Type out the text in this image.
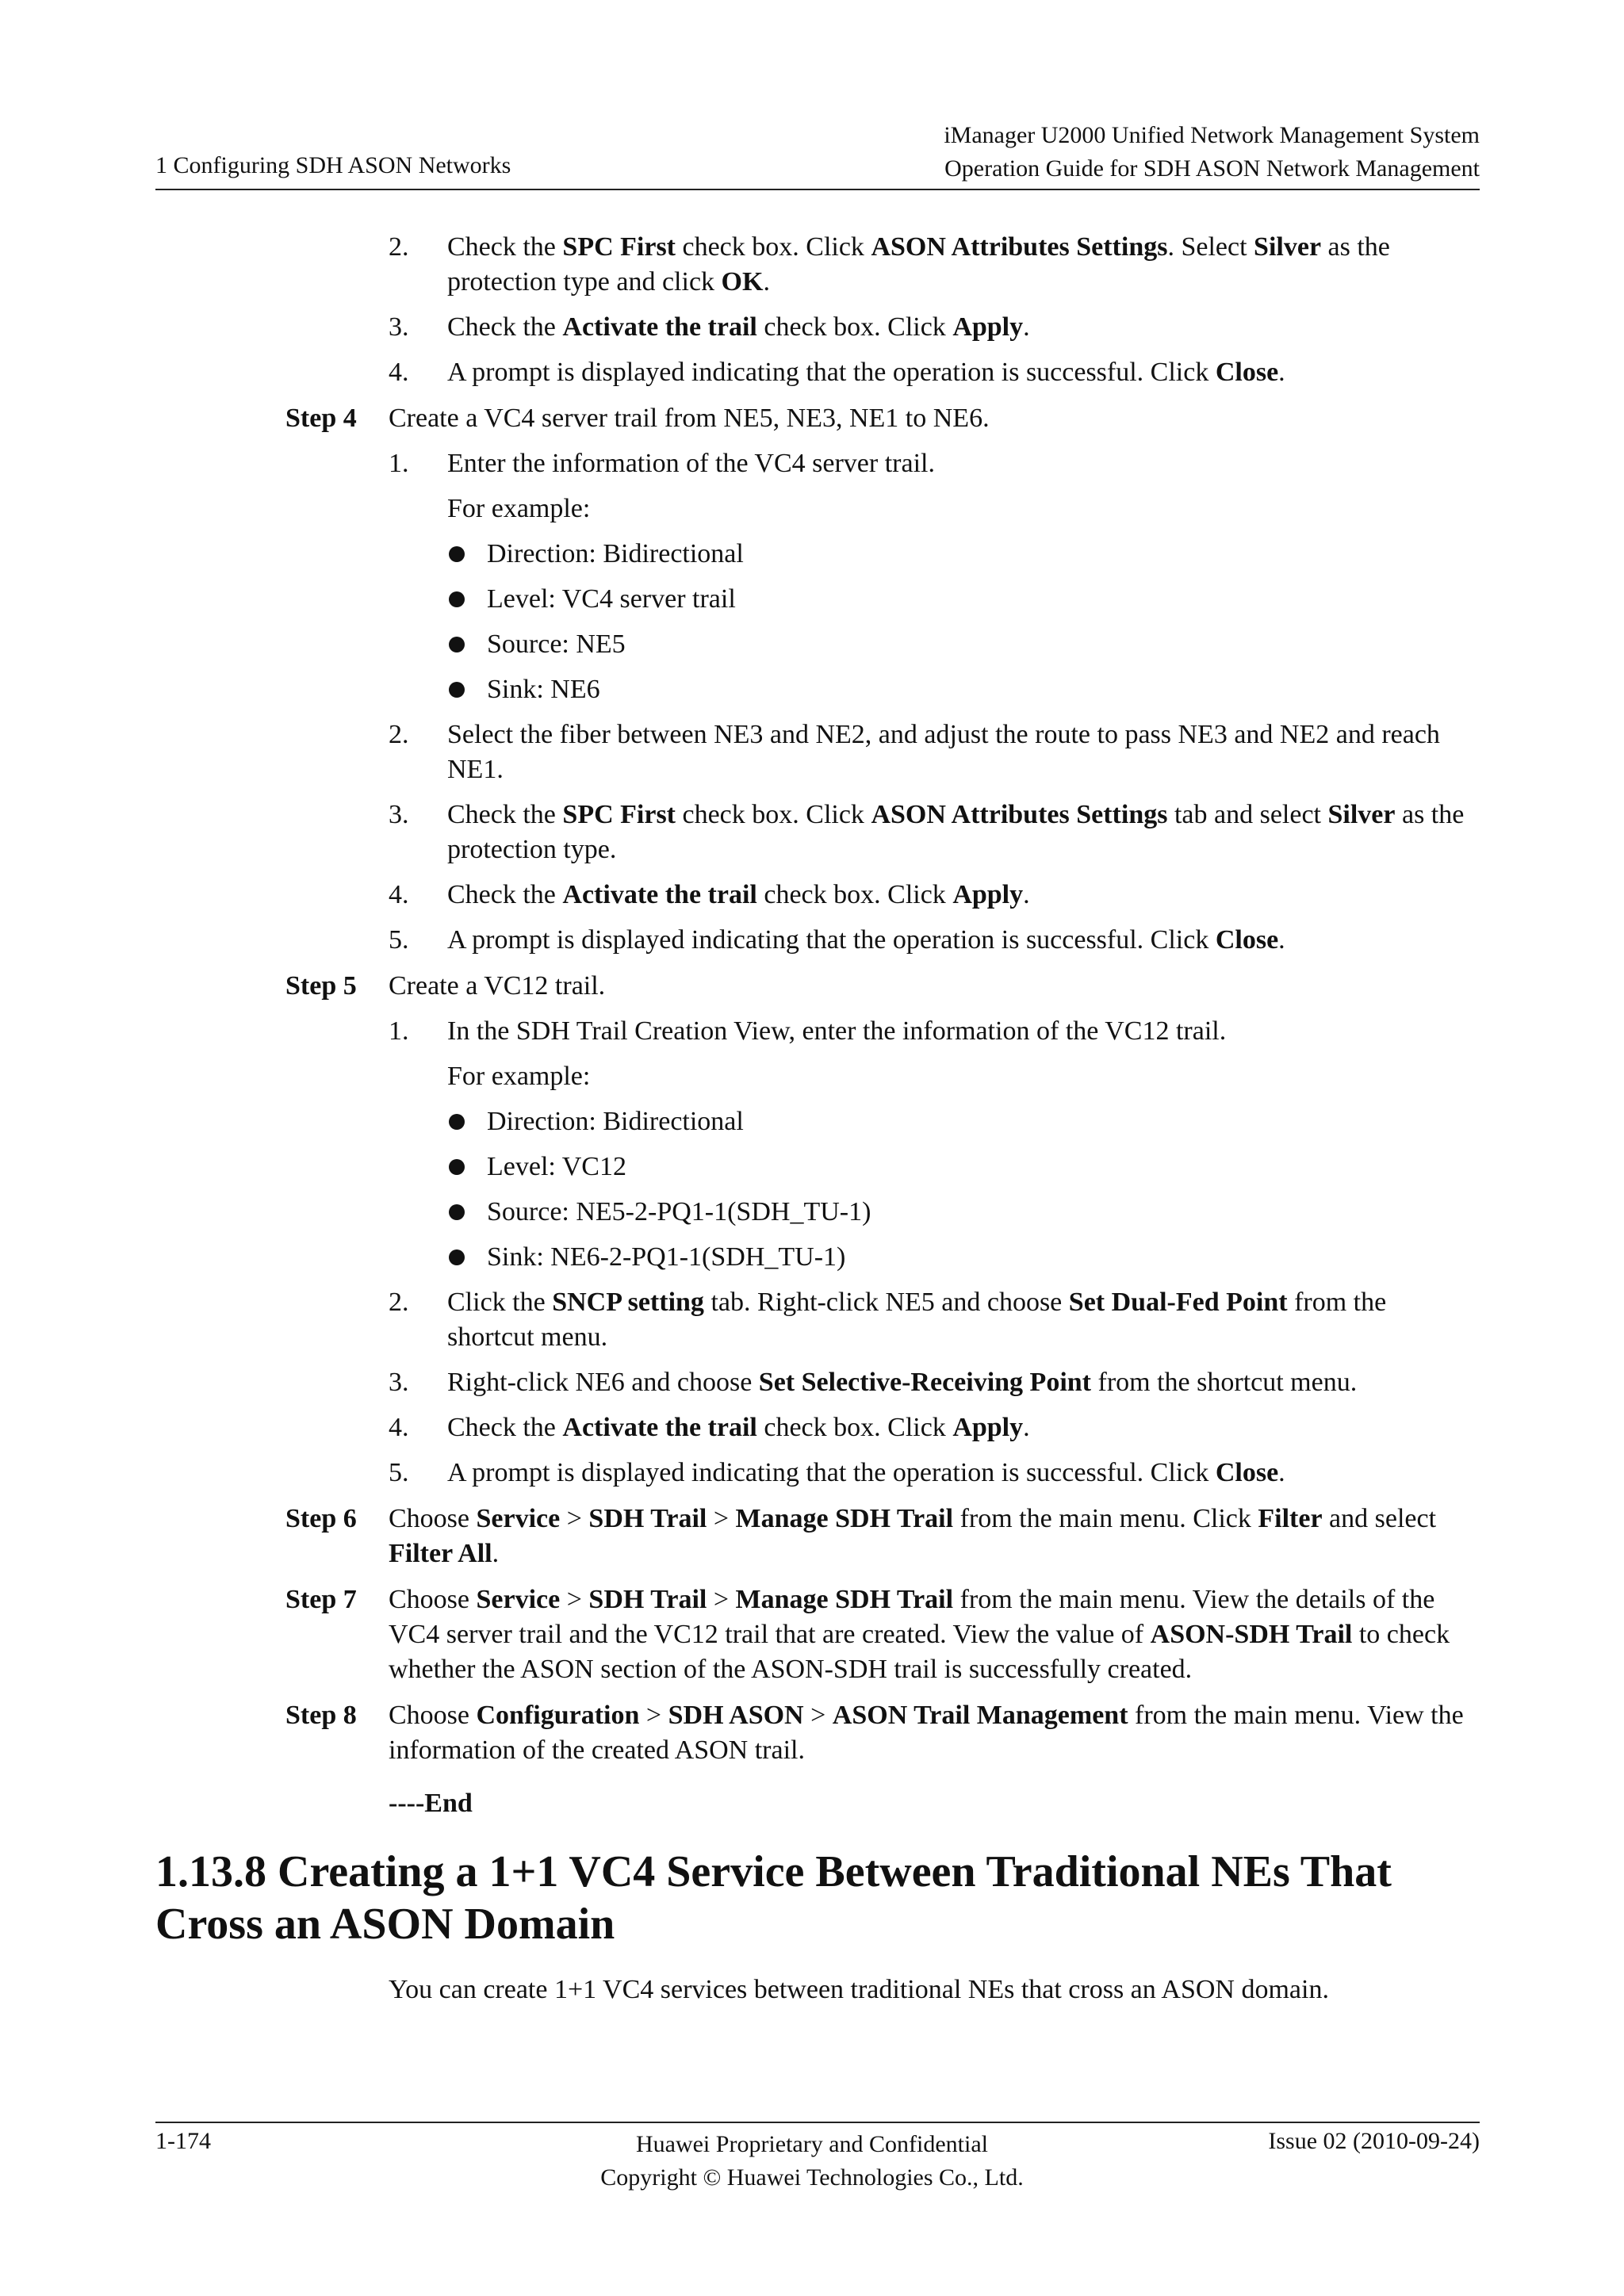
1 Configuring SDH ASON Networks
iManager U2000 Unified Network Management System
Operation Guide for SDH ASON Network Management
2. Check the SPC First check box. Click ASON Attributes Settings. Select Silver as the protection type and click OK.
3. Check the Activate the trail check box. Click Apply.
4. A prompt is displayed indicating that the operation is successful. Click Close.
Step 4 Create a VC4 server trail from NE5, NE3, NE1 to NE6.
1. Enter the information of the VC4 server trail.
For example:
Direction: Bidirectional
Level: VC4 server trail
Source: NE5
Sink: NE6
2. Select the fiber between NE3 and NE2, and adjust the route to pass NE3 and NE2 and reach NE1.
3. Check the SPC First check box. Click ASON Attributes Settings tab and select Silver as the protection type.
4. Check the Activate the trail check box. Click Apply.
5. A prompt is displayed indicating that the operation is successful. Click Close.
Step 5 Create a VC12 trail.
1. In the SDH Trail Creation View, enter the information of the VC12 trail.
For example:
Direction: Bidirectional
Level: VC12
Source: NE5-2-PQ1-1(SDH_TU-1)
Sink: NE6-2-PQ1-1(SDH_TU-1)
2. Click the SNCP setting tab. Right-click NE5 and choose Set Dual-Fed Point from the shortcut menu.
3. Right-click NE6 and choose Set Selective-Receiving Point from the shortcut menu.
4. Check the Activate the trail check box. Click Apply.
5. A prompt is displayed indicating that the operation is successful. Click Close.
Step 6 Choose Service > SDH Trail > Manage SDH Trail from the main menu. Click Filter and select Filter All.
Step 7 Choose Service > SDH Trail > Manage SDH Trail from the main menu. View the details of the VC4 server trail and the VC12 trail that are created. View the value of ASON-SDH Trail to check whether the ASON section of the ASON-SDH trail is successfully created.
Step 8 Choose Configuration > SDH ASON > ASON Trail Management from the main menu. View the information of the created ASON trail.
----End
1.13.8 Creating a 1+1 VC4 Service Between Traditional NEs That Cross an ASON Domain
You can create 1+1 VC4 services between traditional NEs that cross an ASON domain.
1-174	Huawei Proprietary and Confidential
Copyright © Huawei Technologies Co., Ltd.
Issue 02 (2010-09-24)
